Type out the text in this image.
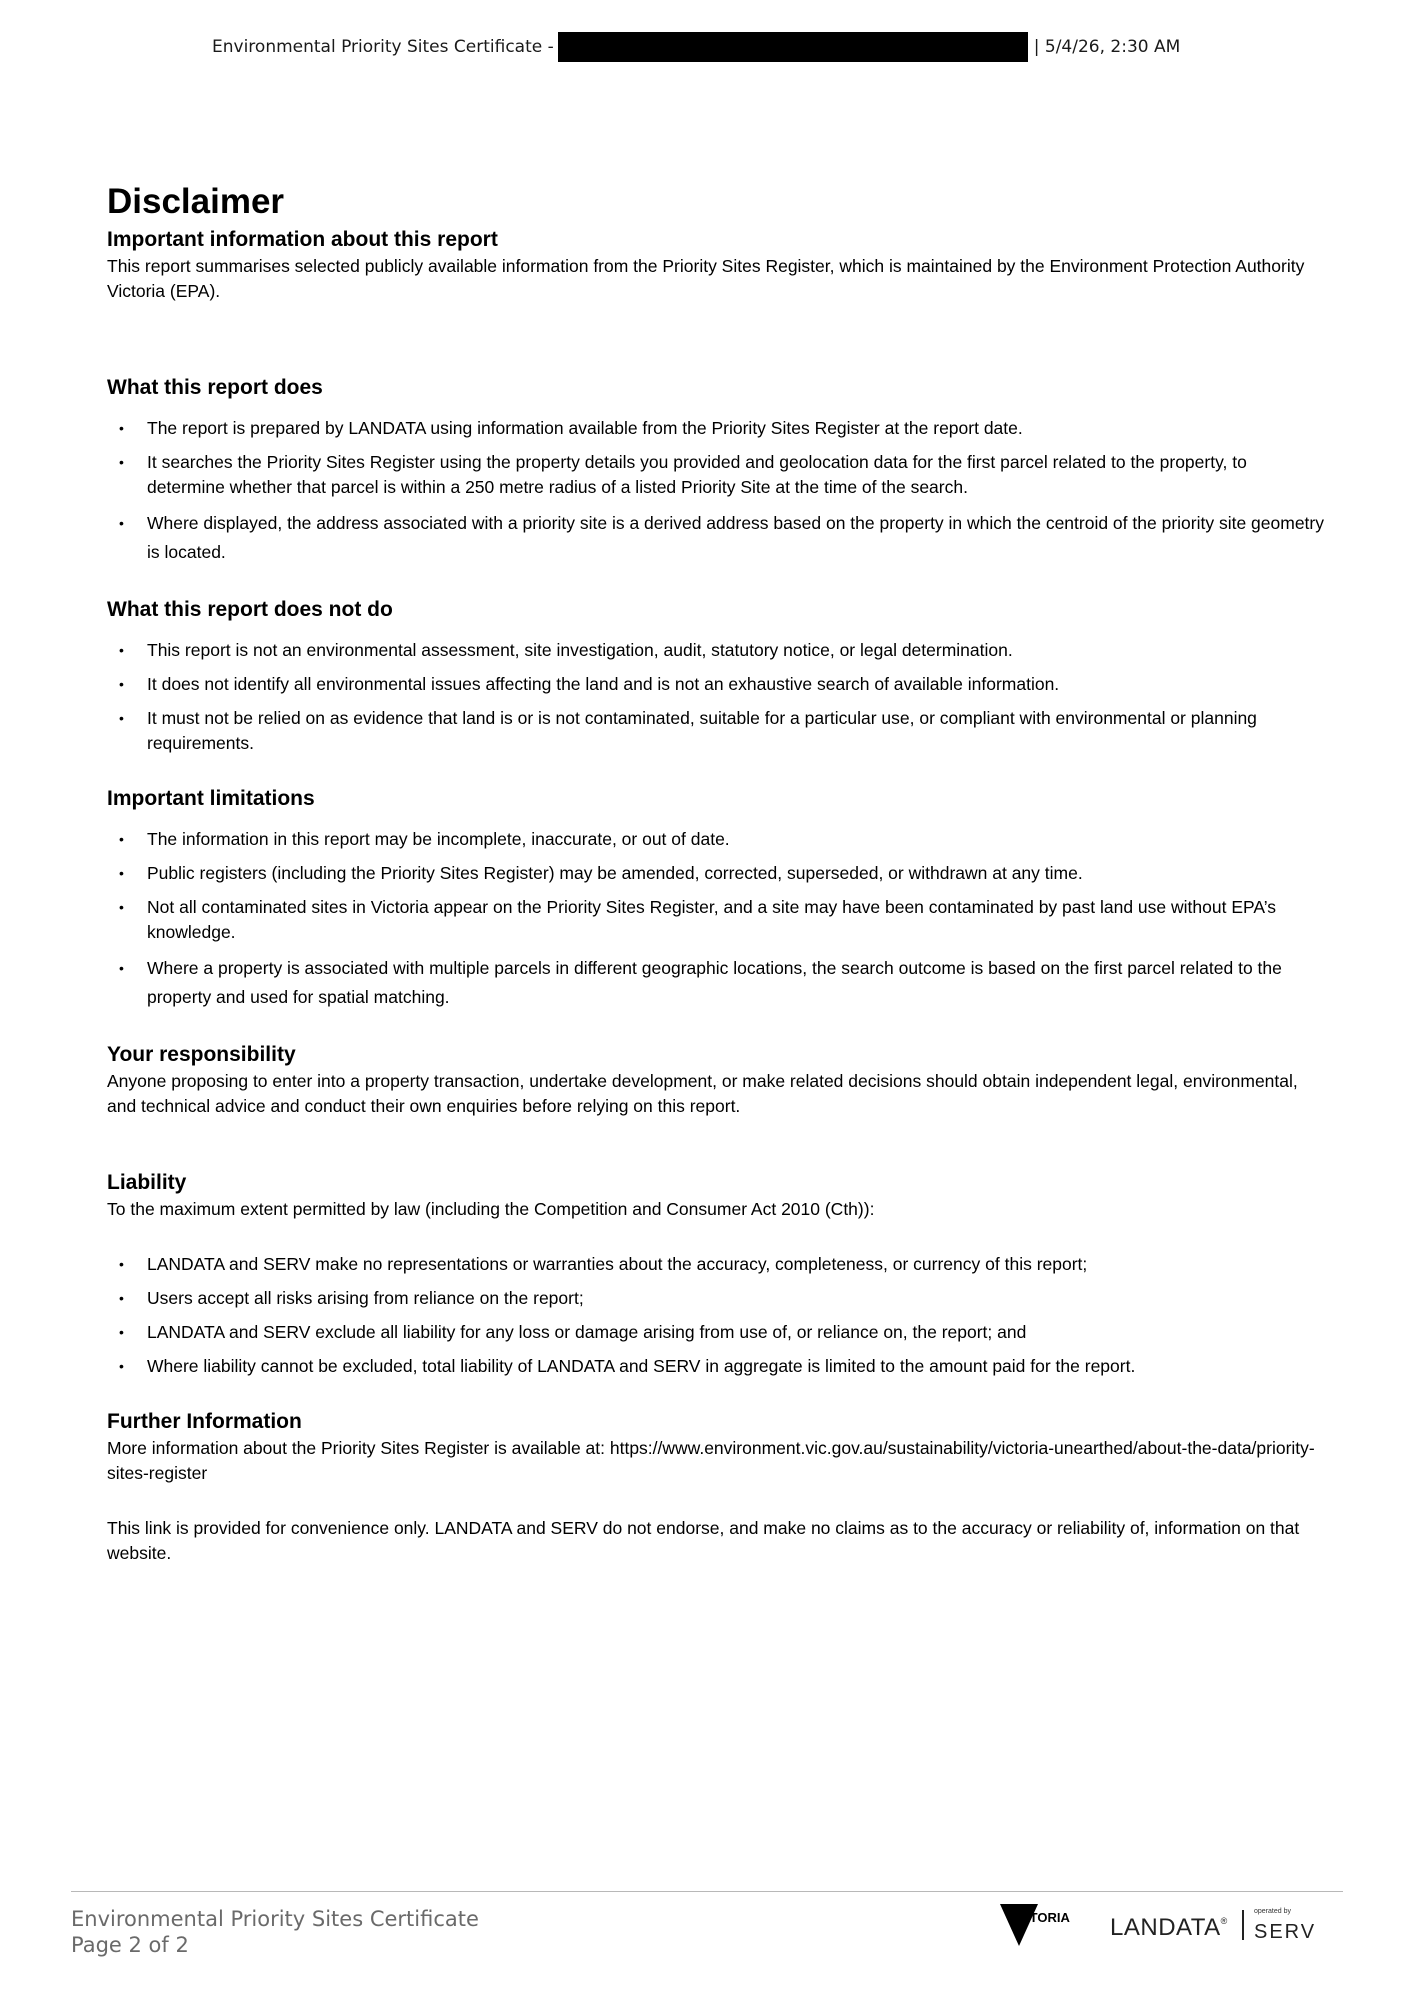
Environmental Priority Sites Certificate -	| 5/4/26, 2:30 AM
Disclaimer
Important information about this report

This report summarises selected publicly available information from the Priority Sites Register, which is maintained by the Environment Protection Authority Victoria (EPA).

What this report does
• The report is prepared by LANDATA using information available from the Priority Sites Register at the report date.
• It searches the Priority Sites Register using the property details you provided and geolocation data for the first parcel related to the property, to determine whether that parcel is within a 250 metre radius of a listed Priority Site at the time of the search.
• Where displayed, the address associated with a priority site is a derived address based on the property in which the centroid of the priority site geometry is located.
What this report does not do
• This report is not an environmental assessment, site investigation, audit, statutory notice, or legal determination.
• It does not identify all environmental issues affecting the land and is not an exhaustive search of available information.
• It must not be relied on as evidence that land is or is not contaminated, suitable for a particular use, or compliant with environmental or planning requirements.
Important limitations
• The information in this report may be incomplete, inaccurate, or out of date.
• Public registers (including the Priority Sites Register) may be amended, corrected, superseded, or withdrawn at any time.
• Not all contaminated sites in Victoria appear on the Priority Sites Register, and a site may have been contaminated by past land use without EPA’s knowledge.
• Where a property is associated with multiple parcels in different geographic locations, the search outcome is based on the first parcel related to the property and used for spatial matching.
Your responsibility

Anyone proposing to enter into a property transaction, undertake development, or make related decisions should obtain independent legal, environmental, and technical advice and conduct their own enquiries before relying on this report.

Liability

To the maximum extent permitted by law (including the Competition and Consumer Act 2010 (Cth)):

• LANDATA and SERV make no representations or warranties about the accuracy, completeness, or currency of this report;
• Users accept all risks arising from reliance on the report;
• LANDATA and SERV exclude all liability for any loss or damage arising from use of, or reliance on, the report; and
• Where liability cannot be excluded, total liability of LANDATA and SERV in aggregate is limited to the amount paid for the report.
Further Information

More information about the Priority Sites Register is available at: https://www.environment.vic.gov.au/sustainability/victoria-unearthed/about-the-data/priority-sites-register

This link is provided for convenience only. LANDATA and SERV do not endorse, and make no claims as to the accuracy or reliability of, information on that website.

Environmental Priority Sites Certificate
Page 2 of 2
VICTORIA LANDATA®
operated by
SERV
